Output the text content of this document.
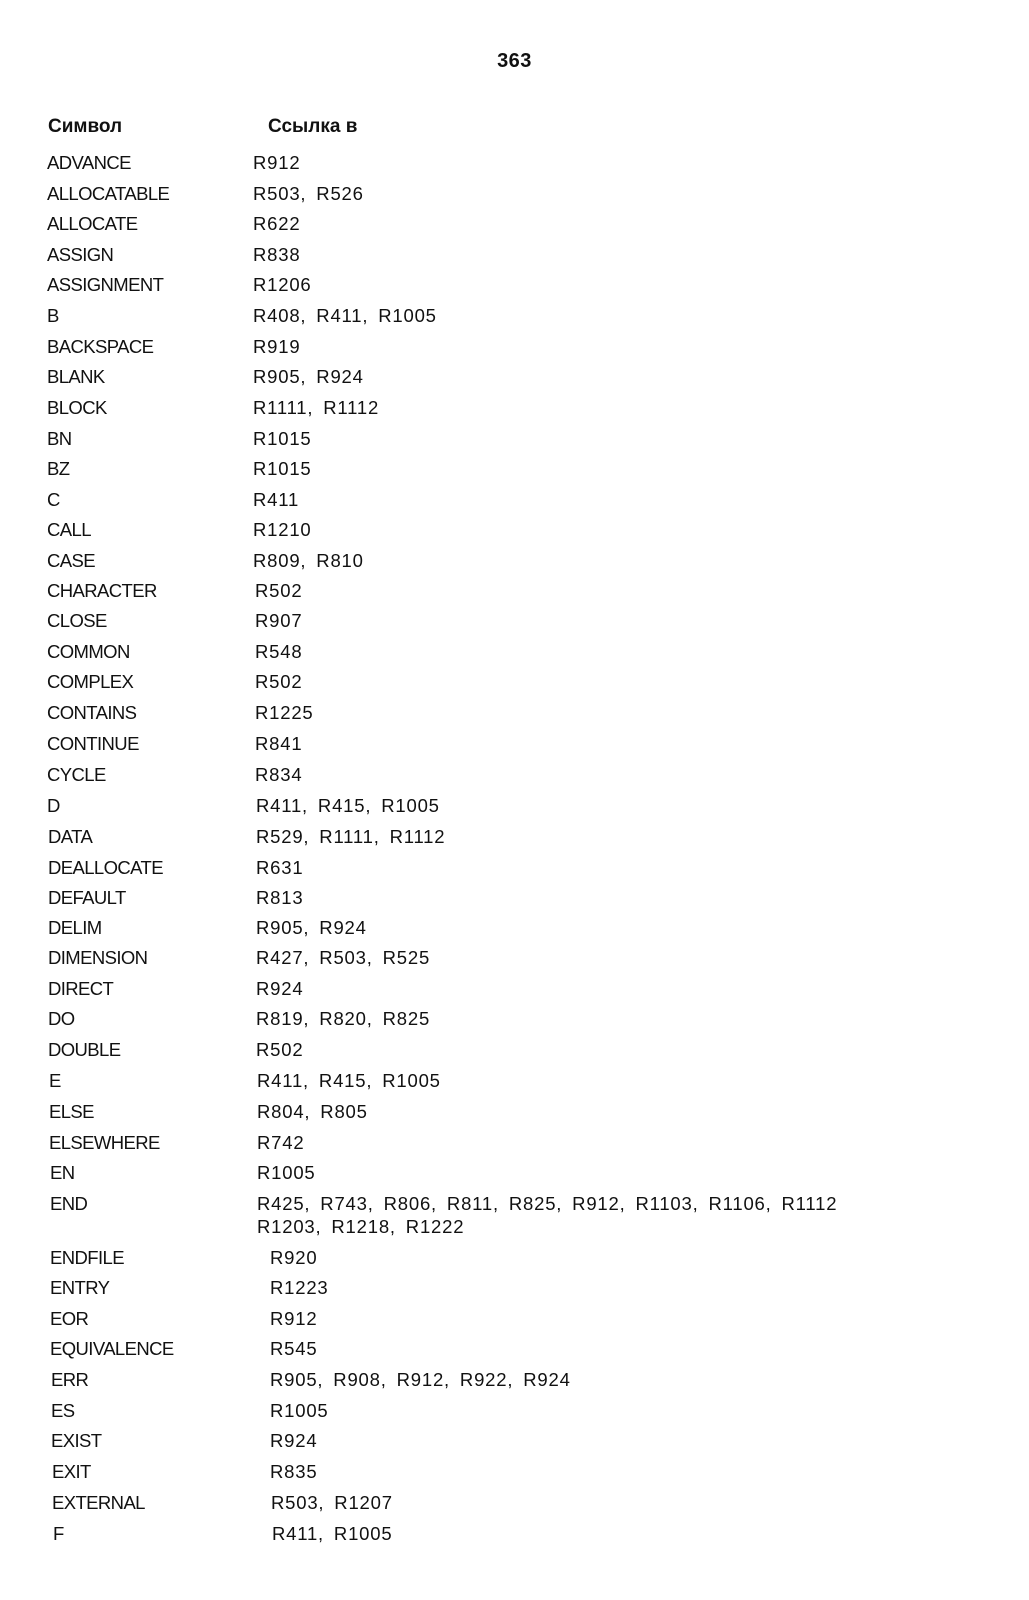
363
Символ	Ссылка в
ADVANCE	R912
ALLOCATABLE	R503, R526
ALLOCATE	R622
ASSIGN	R838
ASSIGNMENT	R1206
B	R408, R411, R1005
BACKSPACE	R919
BLANK	R905, R924
BLOCK	R1111, R1112
BN	R1015
BZ	R1015
C	R411
CALL	R1210
CASE	R809, R810
CHARACTER	R502
CLOSE	R907
COMMON	R548
COMPLEX	R502
CONTAINS	R1225
CONTINUE	R841
CYCLE	R834
D	R411, R415, R1005
DATA	R529, R1111, R1112
DEALLOCATE	R631
DEFAULT	R813
DELIM	R905, R924
DIMENSION	R427, R503, R525
DIRECT	R924
DO	R819, R820, R825
DOUBLE	R502
E	R411, R415, R1005
ELSE	R804, R805
ELSEWHERE	R742
EN	R1005
END	R425, R743, R806, R811, R825, R912, R1103, R1106, R1112 R1203, R1218, R1222
ENDFILE	R920
ENTRY	R1223
EOR	R912
EQUIVALENCE	R545
ERR	R905, R908, R912, R922, R924
ES	R1005
EXIST	R924
EXIT	R835
EXTERNAL	R503, R1207
F	R411, R1005
